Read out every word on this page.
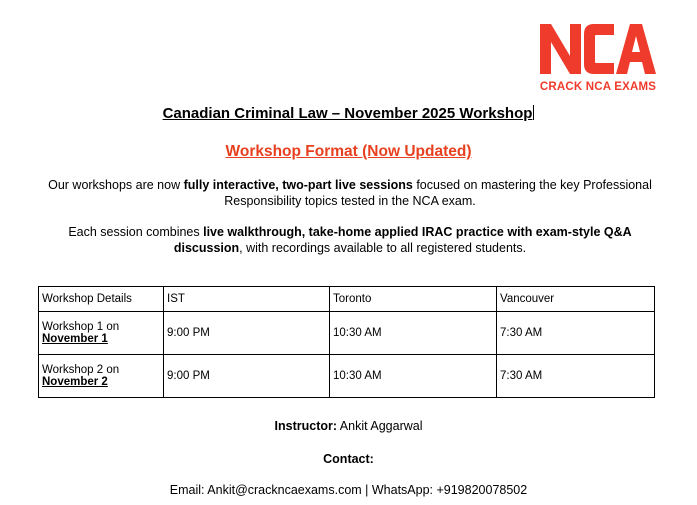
CRACK NCA EXAMS
Canadian Criminal Law – November 2025 Workshop
Workshop Format (Now Updated)
Our workshops are now fully interactive, two-part live sessions focused on mastering the key Professional Responsibility topics tested in the NCA exam.
Each session combines live walkthrough, take-home applied IRAC practice with exam-style Q&A discussion, with recordings available to all registered students.
Workshop Details	IST	Toronto	Vancouver
Workshop 1 on
November 1	9:00 PM	10:30 AM	7:30 AM
Workshop 2 on
November 2	9:00 PM	10:30 AM	7:30 AM
Instructor: Ankit Aggarwal
Contact:
Email: Ankit@crackncaexams.com | WhatsApp: +919820078502
